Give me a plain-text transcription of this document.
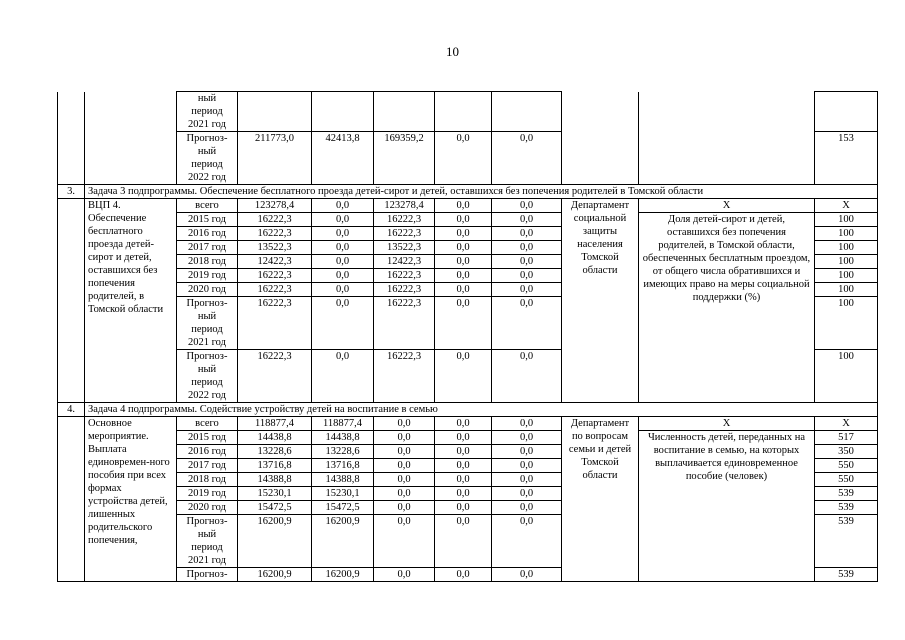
10

		ный
период
2021 год								

		Прогноз-
ный
период
2022 год	211773,0	42413,8	169359,2	0,0	0,0			153
3.	Задача 3 подпрограммы. Обеспечение бесплатного проезда детей-сирот и детей, оставшихся без попечения родителей в Томской области									
	ВЦП 4. Обеспечение бесплатного проезда детей-сирот и детей, оставшихся без попечения родителей, в Томской области	всего	123278,4	0,0	123278,4	0,0	0,0	Департамент социальной защиты населения Томской области	Х	Х

		2015 год	16222,3	0,0	16222,3	0,0	0,0		Доля детей-сирот и детей, оставшихся без попечения родителей, в Томской области, обеспеченных бесплатным проездом, от общего числа обратившихся и имеющих право на меры социальной поддержки (%)	100

		2016 год	16222,3	0,0	16222,3	0,0	0,0			100

		2017 год	13522,3	0,0	13522,3	0,0	0,0			100

		2018 год	12422,3	0,0	12422,3	0,0	0,0			100

		2019 год	16222,3	0,0	16222,3	0,0	0,0			100

		2020 год	16222,3	0,0	16222,3	0,0	0,0			100

		Прогноз-
ный
период
2021 год	16222,3	0,0	16222,3	0,0	0,0			100

		Прогноз-
ный
период
2022 год	16222,3	0,0	16222,3	0,0	0,0			100
4.	Задача 4 подпрограммы. Содействие устройству детей на воспитание в семью									
	Основное мероприятие. Выплата единовремен-ного пособия при всех формах устройства детей, лишенных родительского попечения,	всего	118877,4	118877,4	0,0	0,0	0,0	Департамент по вопросам семьи и детей Томской области	Х	Х

		2015 год	14438,8	14438,8	0,0	0,0	0,0		Численность детей, переданных на воспитание в семью, на которых выплачивается единовременное пособие (человек)	517

		2016 год	13228,6	13228,6	0,0	0,0	0,0			350

		2017 год	13716,8	13716,8	0,0	0,0	0,0			550

		2018 год	14388,8	14388,8	0,0	0,0	0,0			550

		2019 год	15230,1	15230,1	0,0	0,0	0,0			539

		2020 год	15472,5	15472,5	0,0	0,0	0,0			539

		Прогноз-
ный
период
2021 год	16200,9	16200,9	0,0	0,0	0,0			539

		Прогноз-	16200,9	16200,9	0,0	0,0	0,0			539
